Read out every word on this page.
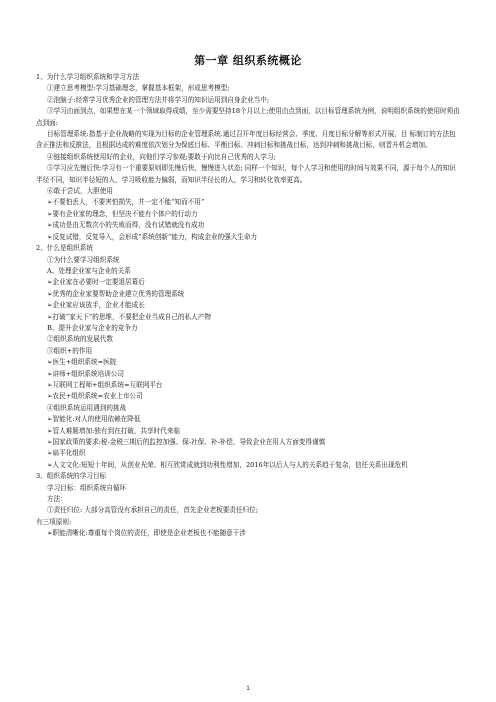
第一章 组织系统概论
1、为什么学习组织系统和学习方法
①建立思考模型:学习基础理念，掌握基本框架，形成思考模型;
②泡脑子:经常学习优秀企业的管理方法并将学习的知识运用到自身企业当中;
③学习由面到点，如果想在某一个领域取得成绩，至少需要坚持18个月以上;使用由点到面，以目标管理系统为例，说明组织系统的使用时须由点到面:
目标管理系统:指基于企业战略的实现为目标的企业管理系统.通过召开年度目标经营会、季度、月度目标分解等形式开展，目 标制订的方法包含正推法和反推法，且根据达成的难度依次划分为保底目标、平衡目标、冲刺目标和挑战目标，达到冲刺和挑战目标，则晋升机会增加。
④链接组织系统使用好的企业，向他们学习参观;要敢于向比自己优秀的人学习;
⑤学习应先慢后快:学习有一个重要原则即先慢后快，慢慢进入状态; 同样一个知识，每个人学习和使用的时间与效果不同，源于每个人的知识半径不同，知识半径短的人，学习吸收能力偏弱，而知识半径长的人，学习和转化效率更高。
⑥敢于尝试，大胆使用
➢不要怕丢人，不要害怕损失，并一定不能“知而不用”
➢要有企业家的理念，但坚决不能有个体户的行动力
➢成功是由无数次小的失败而得，没有试错就没有成功
➢反复试错，反复导入，会形成“系统创新”能力，构成企业的强大生命力
2、什么是组织系统
①为什么要学习组织系统
A、处理企业家与企业的关系
➢企业家在必要时一定要退居幕后
➢优秀的企业家要帮助企业建立优秀的管理系统
➢企业家应该放手，企业才能成长
➢打破“家天下”的思维，不要把企业当成自己的私人产物
B、提升企业家与企业的竞争力
②组织系统的发展代数
③组织+的作用
➢医生+组织系统=医院
➢讲师+组织系统培训公司
➢互联网工程师+组织系统=互联网平台
➢农民+组织系统=农业上市公司
④组织系统运用遇到的挑战
➢智能化:对人的使用依赖在降低
➢管人难题增加:独有到在打破，共享时代来临
➢国家政策的要求:税-金税三期后的监控加强、保-社保、补-补偿，导致企业在用人方面变得谨慎
➢扁平化组织
➢人文文化:短短十年间，从创业光荣、相互欣赏成就到功利性增加，2016年以后人与人的关系趋于复杂，信任关系出现危机
3、组织系统的学习目标
学习目标：组织系统自循环
方法：
①责任归位: 大部分高管没有承担自己的责任，首先企业老板要责任归位;
有三项原则:
➢职能清晰化:尊重每个岗位的责任，即使是企业老板也不能随意干涉
1
